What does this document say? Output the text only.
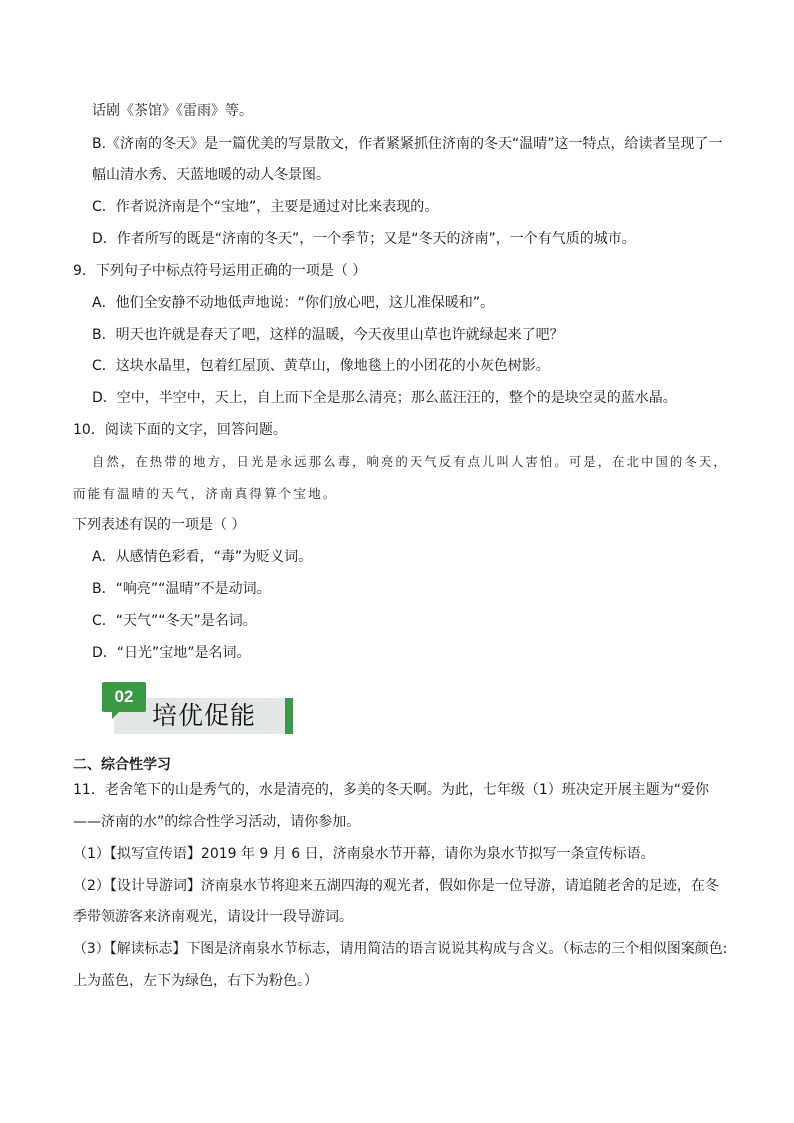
话剧《茶馆》《雷雨》等。
B.《济南的冬天》是一篇优美的写景散文，作者紧紧抓住济南的冬天“温晴”这一特点，给读者呈现了一
幅山清水秀、天蓝地暖的动人冬景图。
C．作者说济南是个“宝地”，主要是通过对比来表现的。
D．作者所写的既是“济南的冬天”，一个季节；又是“冬天的济南”，一个有气质的城市。
9．下列句子中标点符号运用正确的一项是（ ）
A．他们全安静不动地低声地说：“你们放心吧，这儿准保暖和”。
B．明天也许就是春天了吧，这样的温暖，今天夜里山草也许就绿起来了吧？
C．这块水晶里，包着红屋顶、黄草山，像地毯上的小团花的小灰色树影。
D．空中，半空中，天上，自上而下全是那么清亮；那么蓝汪汪的，整个的是块空灵的蓝水晶。
10．阅读下面的文字，回答问题。
自然，在热带的地方，日光是永远那么毒，响亮的天气反有点儿叫人害怕。可是，在北中国的冬天，
而能有温晴的天气，济南真得算个宝地。
下列表述有误的一项是（ ）
A．从感情色彩看，“毒”为贬义词。
B．“响亮”“温晴”不是动词。
C．“天气”“冬天”是名词。
D．“日光”宝地”是名词。
02
培优促能
二、综合性学习
11．老舍笔下的山是秀气的，水是清亮的，多美的冬天啊。为此，七年级（1）班决定开展主题为“爱你
——济南的水”的综合性学习活动，请你参加。
（1）【拟写宣传语】2019 年 9 月 6 日，济南泉水节开幕，请你为泉水节拟写一条宣传标语。
（2）【设计导游词】济南泉水节将迎来五湖四海的观光者，假如你是一位导游，请追随老舍的足迹，在冬
季带领游客来济南观光，请设计一段导游词。
（3）【解读标志】下图是济南泉水节标志，请用简洁的语言说说其构成与含义。（标志的三个相似图案颜色:
上为蓝色，左下为绿色，右下为粉色。）
